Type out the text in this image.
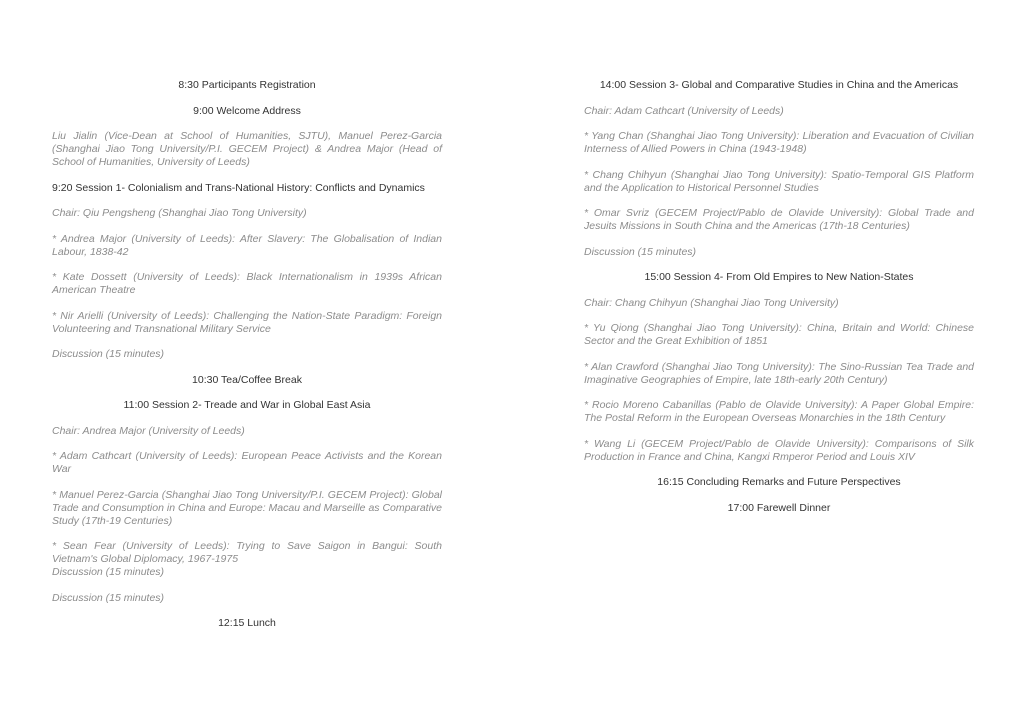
8:30 Participants Registration

9:00 Welcome Address

Liu Jialin (Vice-Dean at School of Humanities, SJTU), Manuel Perez-Garcia (Shanghai Jiao Tong University/P.I. GECEM Project) & Andrea Major (Head of School of Humanities, University of Leeds)

9:20 Session 1- Colonialism and Trans-National History: Conflicts and Dynamics

Chair: Qiu Pengsheng (Shanghai Jiao Tong University)

* Andrea Major (University of Leeds): After Slavery: The Globalisation of Indian Labour, 1838-42

* Kate Dossett (University of Leeds): Black Internationalism in 1939s African American Theatre

* Nir Arielli (University of Leeds): Challenging the Nation-State Paradigm: Foreign Volunteering and Transnational Military Service

Discussion (15 minutes)

10:30 Tea/Coffee Break

11:00 Session 2- Treade and War in Global East Asia

Chair: Andrea Major (University of Leeds)

* Adam Cathcart (University of Leeds): European Peace Activists and the Korean War

* Manuel Perez-Garcia (Shanghai Jiao Tong University/P.I. GECEM Project): Global Trade and Consumption in China and Europe: Macau and Marseille as Comparative Study (17th-19 Centuries)

* Sean Fear (University of Leeds): Trying to Save Saigon in Bangui: South Vietnam's Global Diplomacy, 1967-1975

Discussion (15 minutes)

Discussion (15 minutes)

12:15 Lunch

14:00 Session 3- Global and Comparative Studies in China and the Americas

Chair: Adam Cathcart (University of Leeds)

* Yang Chan (Shanghai Jiao Tong University): Liberation and Evacuation of Civilian Interness of Allied Powers in China (1943-1948)

* Chang Chihyun (Shanghai Jiao Tong University): Spatio-Temporal GIS Platform and the Application to Historical Personnel Studies

* Omar Svriz (GECEM Project/Pablo de Olavide University): Global Trade and Jesuits Missions in South China and the Americas (17th-18 Centuries)

Discussion (15 minutes)

15:00 Session 4- From Old Empires to New Nation-States

Chair: Chang Chihyun (Shanghai Jiao Tong University)

* Yu Qiong (Shanghai Jiao Tong University): China, Britain and World: Chinese Sector and the Great Exhibition of 1851

* Alan Crawford (Shanghai Jiao Tong University): The Sino-Russian Tea Trade and Imaginative Geographies of Empire, late 18th-early 20th Century)

* Rocio Moreno Cabanillas (Pablo de Olavide University): A Paper Global Empire: The Postal Reform in the European Overseas Monarchies in the 18th Century

* Wang Li (GECEM Project/Pablo de Olavide University): Comparisons of Silk Production in France and China, Kangxi Rmperor Period and Louis XIV

16:15 Concluding Remarks and Future Perspectives

17:00 Farewell Dinner
